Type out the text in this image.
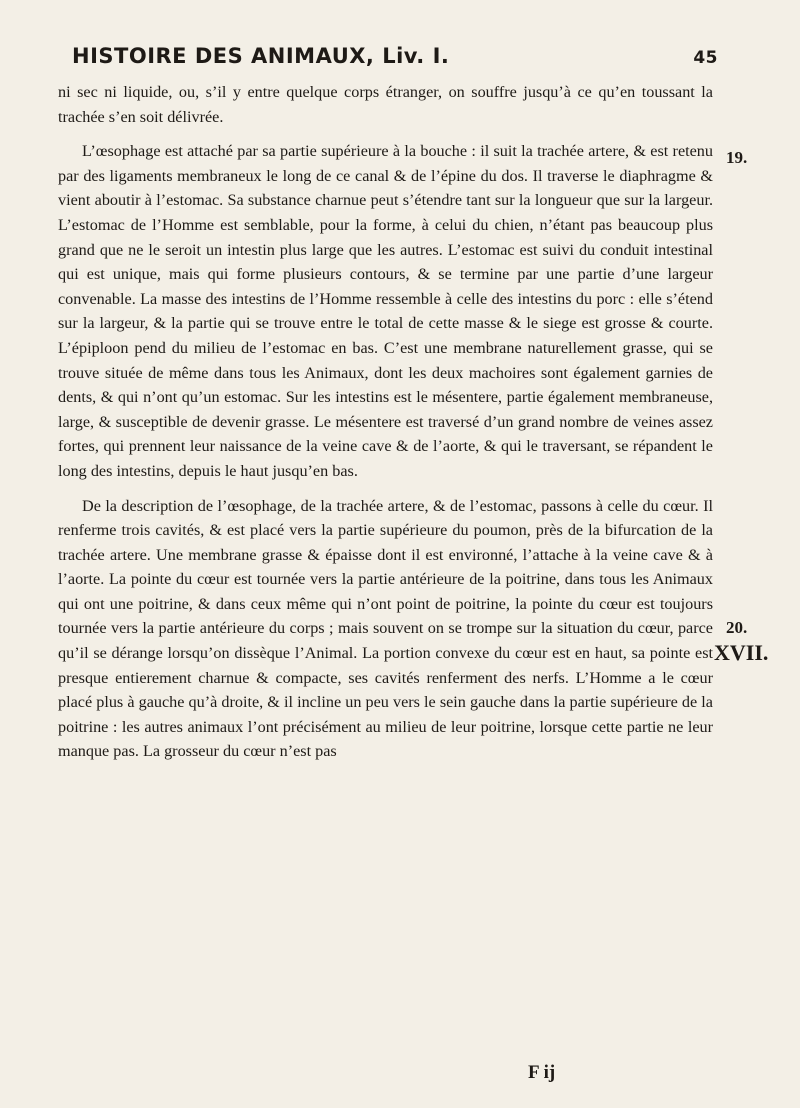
HISTOIRE DES ANIMAUX, Liv. I.	45

ni sec ni liquide, ou, s’il y entre quelque corps étranger, on souffre jusqu’à ce qu’en toussant la trachée s’en soit délivrée.

L’œsophage est attaché par sa partie supérieure à la bouche : il suit la trachée artere, & est retenu par des ligaments membraneux le long de ce canal & de l’épine du dos. Il traverse le diaphragme & vient aboutir à l’estomac. Sa substance charnue peut s’étendre tant sur la longueur que sur la largeur. L’estomac de l’Homme est semblable, pour la forme, à celui du chien, n’étant pas beaucoup plus grand que ne le seroit un intestin plus large que les autres. L’estomac est suivi du conduit intestinal qui est unique, mais qui forme plusieurs contours, & se termine par une partie d’une largeur convenable. La masse des intestins de l’Homme ressemble à celle des intestins du porc : elle s’étend sur la largeur, & la partie qui se trouve entre le total de cette masse & le siege est grosse & courte. L’épiploon pend du milieu de l’estomac en bas. C’est une membrane naturellement grasse, qui se trouve située de même dans tous les Animaux, dont les deux machoires sont également garnies de dents, & qui n’ont qu’un estomac. Sur les intestins est le mésentere, partie également membraneuse, large, & susceptible de devenir grasse. Le mésentere est traversé d’un grand nombre de veines assez fortes, qui prennent leur naissance de la veine cave & de l’aorte, & qui le traversant, se répandent le long des intestins, depuis le haut jusqu’en bas.

De la description de l’œsophage, de la trachée artere, & de l’estomac, passons à celle du cœur. Il renferme trois cavités, & est placé vers la partie supérieure du poumon, près de la bifurcation de la trachée artere. Une membrane grasse & épaisse dont il est environné, l’attache à la veine cave & à l’aorte. La pointe du cœur est tournée vers la partie antérieure de la poitrine, dans tous les Animaux qui ont une poitrine, & dans ceux même qui n’ont point de poitrine, la pointe du cœur est toujours tournée vers la partie antérieure du corps ; mais souvent on se trompe sur la situation du cœur, parce qu’il se dérange lorsqu’on dissèque l’Animal. La portion convexe du cœur est en haut, sa pointe est presque entierement charnue & compacte, ses cavités renferment des nerfs. L’Homme a le cœur placé plus à gauche qu’à droite, & il incline un peu vers le sein gauche dans la partie supérieure de la poitrine : les autres animaux l’ont précisément au milieu de leur poitrine, lorsque cette partie ne leur manque pas. La grosseur du cœur n’est pas

19.
20.
XVII.
F ij
